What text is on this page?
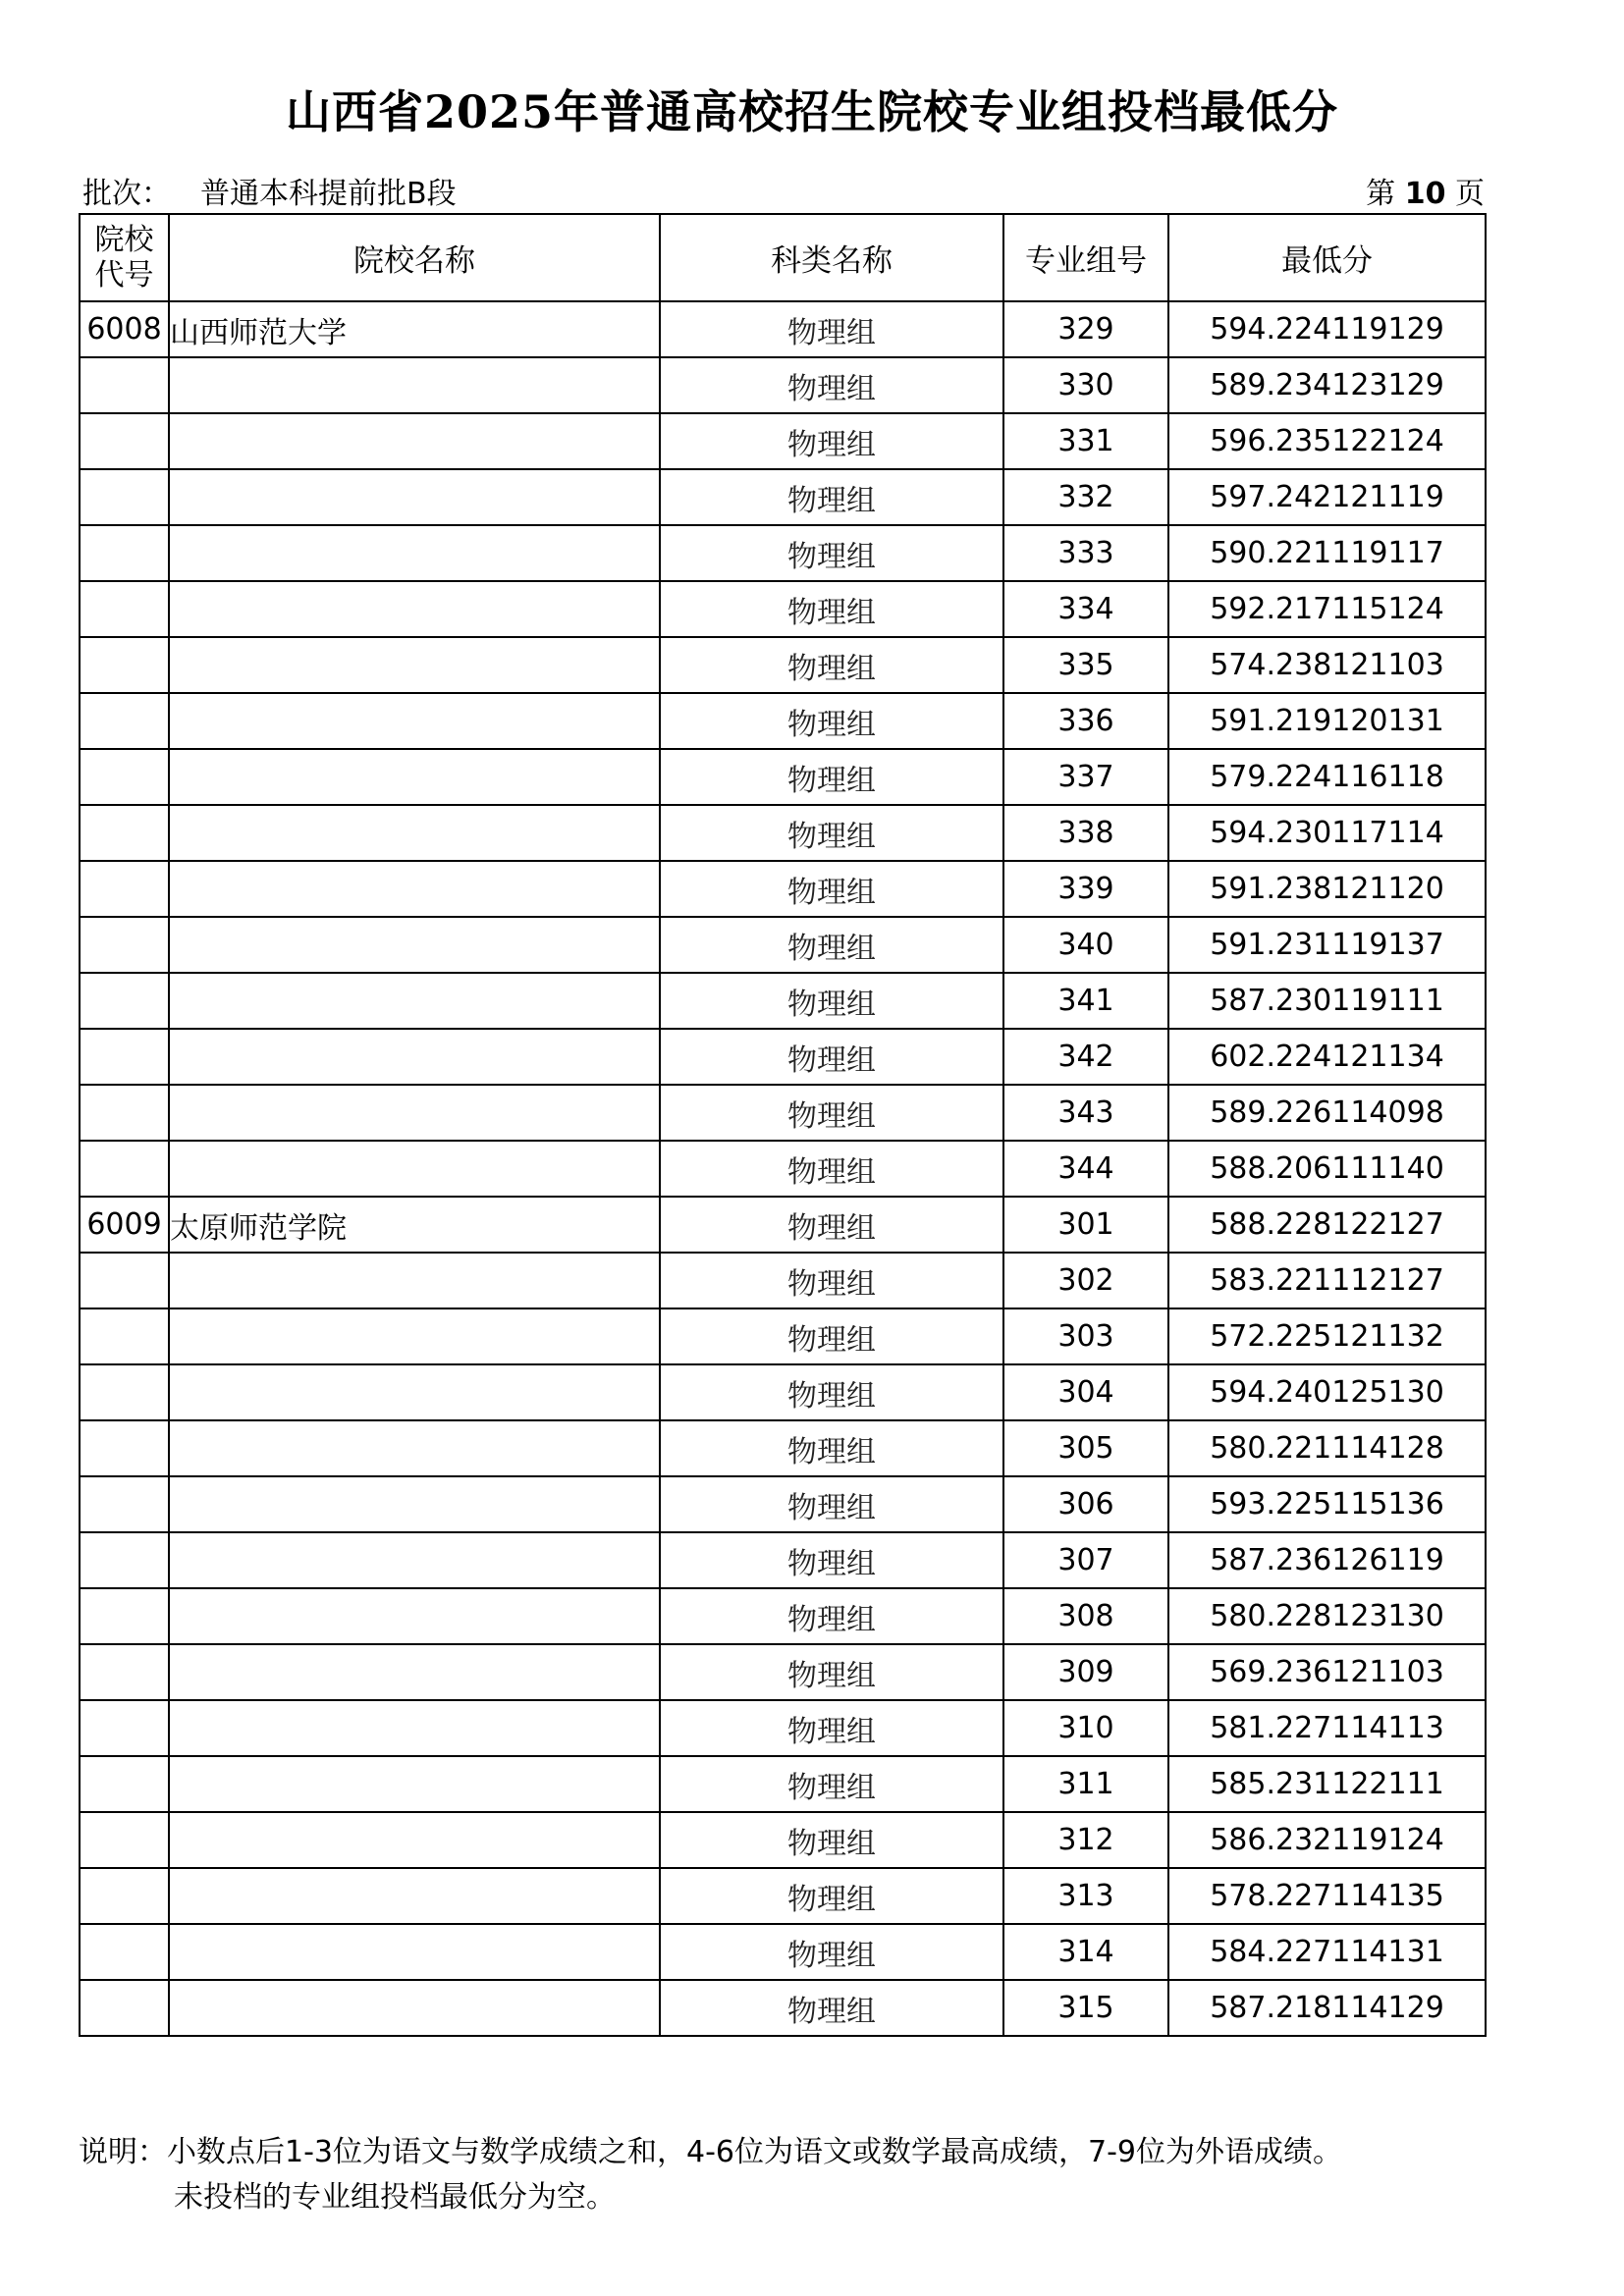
山西省2025年普通高校招生院校专业组投档最低分
批次： 普通本科提前批B段	第 10 页
院校
代号	院校名称	科类名称	专业组号	最低分
6008	山西师范大学	物理组	329	594.224119129
		物理组	330	589.234123129
		物理组	331	596.235122124
		物理组	332	597.242121119
		物理组	333	590.221119117
		物理组	334	592.217115124
		物理组	335	574.238121103
		物理组	336	591.219120131
		物理组	337	579.224116118
		物理组	338	594.230117114
		物理组	339	591.238121120
		物理组	340	591.231119137
		物理组	341	587.230119111
		物理组	342	602.224121134
		物理组	343	589.226114098
		物理组	344	588.206111140
6009	太原师范学院	物理组	301	588.228122127
		物理组	302	583.221112127
		物理组	303	572.225121132
		物理组	304	594.240125130
		物理组	305	580.221114128
		物理组	306	593.225115136
		物理组	307	587.236126119
		物理组	308	580.228123130
		物理组	309	569.236121103
		物理组	310	581.227114113
		物理组	311	585.231122111
		物理组	312	586.232119124
		物理组	313	578.227114135
		物理组	314	584.227114131
		物理组	315	587.218114129
说明：小数点后1-3位为语文与数学成绩之和，4-6位为语文或数学最高成绩，7-9位为外语成绩。
未投档的专业组投档最低分为空。
